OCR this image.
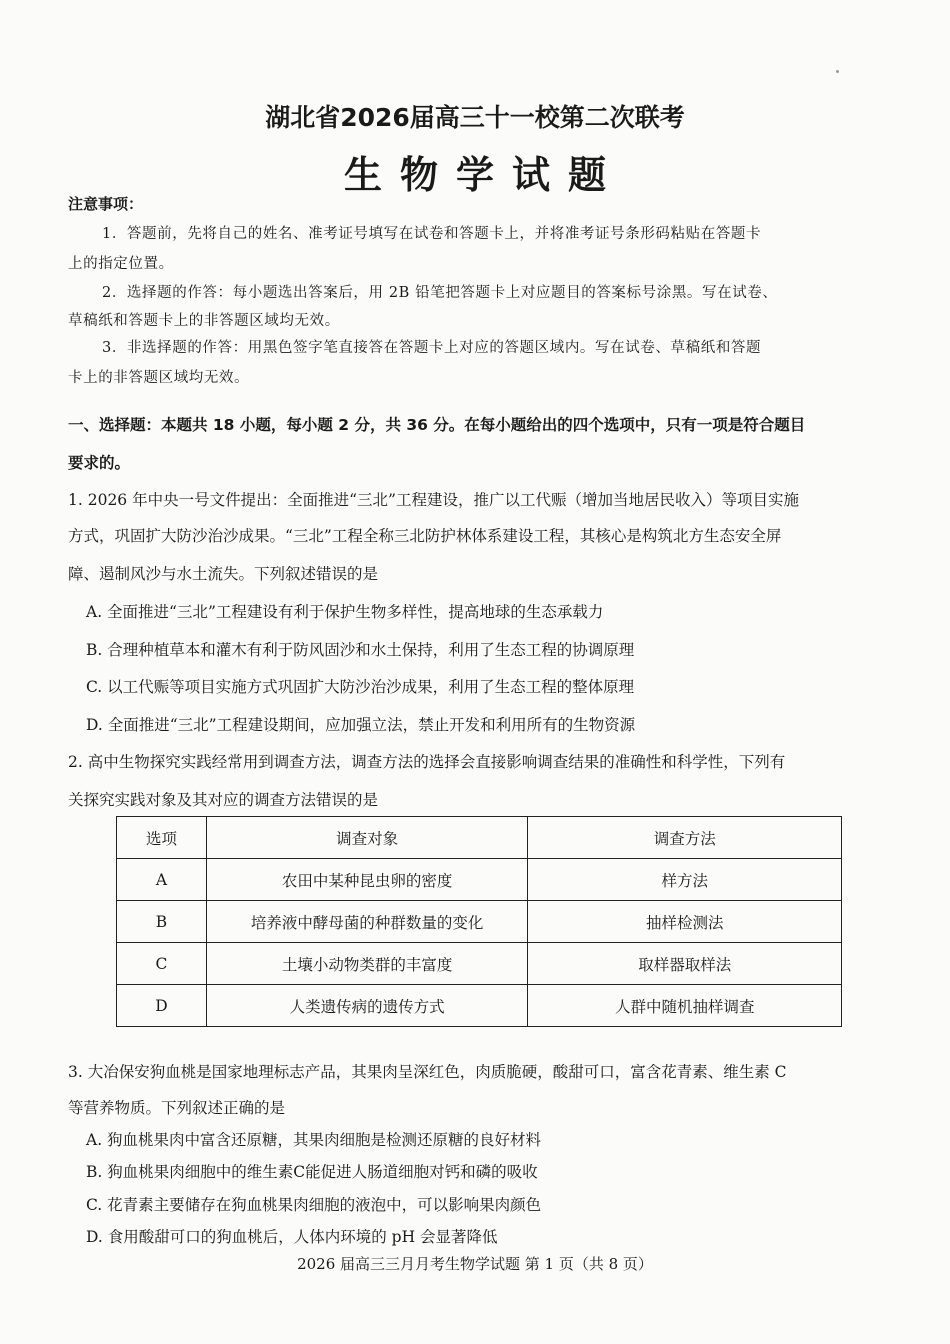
湖北省2026届高三十一校第二次联考
生物学试题
注意事项：
1．答题前，先将自己的姓名、准考证号填写在试卷和答题卡上，并将准考证号条形码粘贴在答题卡
上的指定位置。
2．选择题的作答：每小题选出答案后，用 2B 铅笔把答题卡上对应题目的答案标号涂黑。写在试卷、
草稿纸和答题卡上的非答题区域均无效。
3．非选择题的作答：用黑色签字笔直接答在答题卡上对应的答题区域内。写在试卷、草稿纸和答题
卡上的非答题区域均无效。
一、选择题：本题共 18 小题，每小题 2 分，共 36 分。在每小题给出的四个选项中，只有一项是符合题目
要求的。
1. 2026 年中央一号文件提出：全面推进“三北”工程建设，推广以工代赈（增加当地居民收入）等项目实施
方式，巩固扩大防沙治沙成果。“三北”工程全称三北防护林体系建设工程，其核心是构筑北方生态安全屏
障、遏制风沙与水土流失。下列叙述错误的是
A. 全面推进“三北”工程建设有利于保护生物多样性，提高地球的生态承载力
B. 合理种植草本和灌木有利于防风固沙和水土保持，利用了生态工程的协调原理
C. 以工代赈等项目实施方式巩固扩大防沙治沙成果，利用了生态工程的整体原理
D. 全面推进“三北”工程建设期间，应加强立法，禁止开发和利用所有的生物资源
2. 高中生物探究实践经常用到调查方法，调查方法的选择会直接影响调查结果的准确性和科学性，下列有
关探究实践对象及其对应的调查方法错误的是
选项	调查对象	调查方法
A	农田中某种昆虫卵的密度	样方法
B	培养液中酵母菌的种群数量的变化	抽样检测法
C	土壤小动物类群的丰富度	取样器取样法
D	人类遗传病的遗传方式	人群中随机抽样调查
3. 大冶保安狗血桃是国家地理标志产品，其果肉呈深红色，肉质脆硬，酸甜可口，富含花青素、维生素 C
等营养物质。下列叙述正确的是
A. 狗血桃果肉中富含还原糖，其果肉细胞是检测还原糖的良好材料
B. 狗血桃果肉细胞中的维生素C能促进人肠道细胞对钙和磷的吸收
C. 花青素主要储存在狗血桃果肉细胞的液泡中，可以影响果肉颜色
D. 食用酸甜可口的狗血桃后，人体内环境的 pH 会显著降低
2026 届高三三月月考生物学试题 第 1 页（共 8 页）
